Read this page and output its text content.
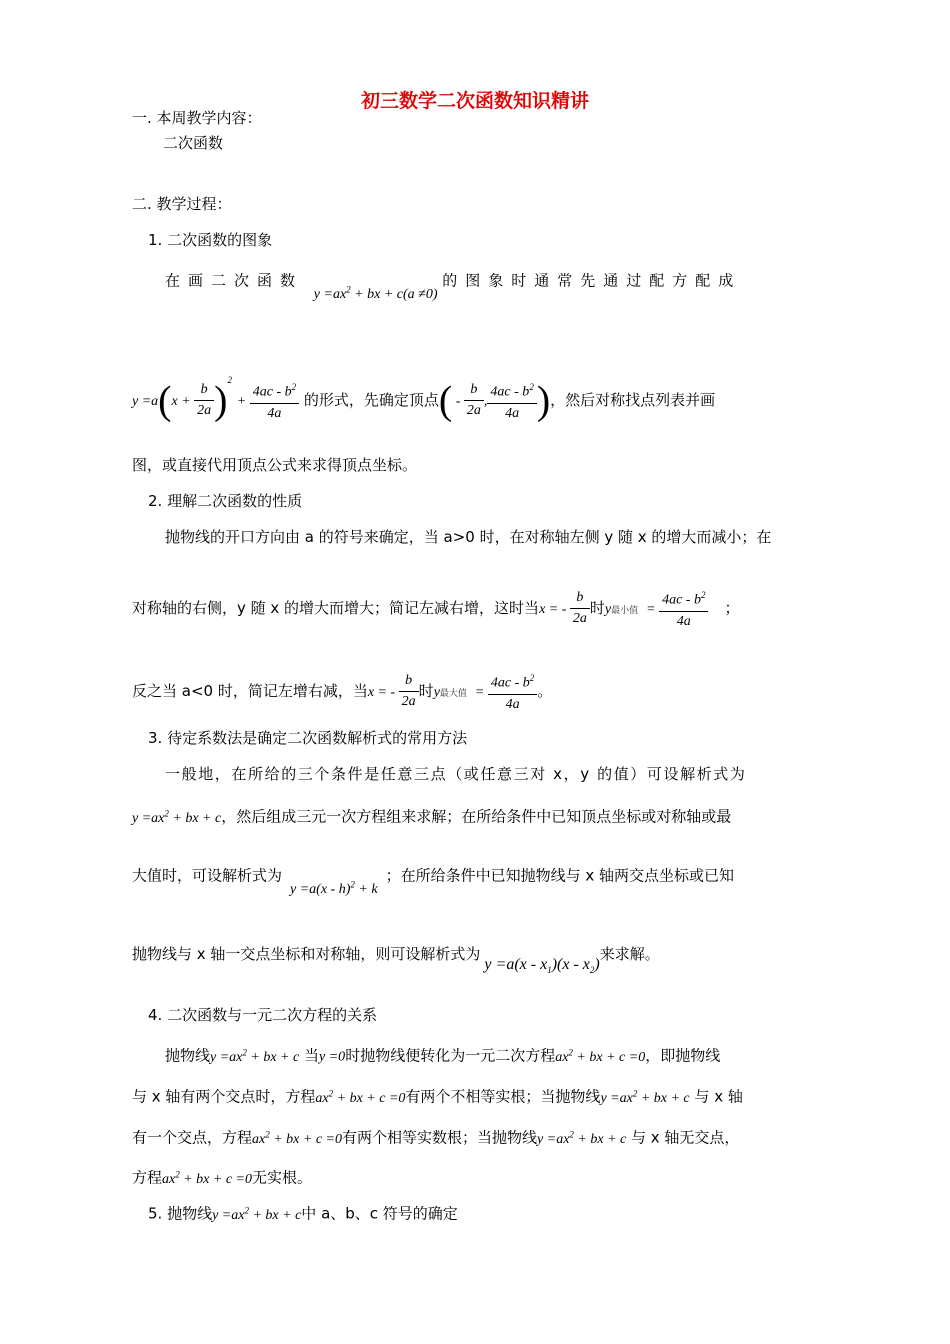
初三数学二次函数知识精讲
一. 本周教学内容：
二次函数
二. 教学过程：
1. 二次函数的图象
在画二次函数 $y =ax^2$ + bx + c(a ≠0) 的图象时通常先通过配方配成
$y =a(x + \frac{b}{2a} )^2 + \frac{4ac - b^2}{4a}$ 的形式，先确定顶点( - $\frac{b}{2a}$ , $\frac{4ac - b^2}{4a}$ )，然后对称找点列表并画
图，或直接代用顶点公式来求得顶点坐标。
2. 理解二次函数的性质
抛物线的开口方向由 a 的符号来确定，当 a>0 时，在对称轴左侧 y 随 x 的增大而减小；在
对称轴的右侧，y 随 x 的增大而增大；简记左减右增，这时当x = - $\frac{b}{2a}$ 时y最小值 = $\frac{4ac - b^2}{4a}$ ；
反之当 a<0 时，简记左增右减，当x = - $\frac{b}{2a}$ 时y最大值 = $\frac{4ac - b^2}{4a}$ 。
3. 待定系数法是确定二次函数解析式的常用方法
一般地，在所给的三个条件是任意三点（或任意三对 x，y 的值）可设解析式为
$y =ax^2$ + bx + c，然后组成三元一次方程组来求解；在所给条件中已知顶点坐标或对称轴或最
大值时，可设解析式为y =a(x - h)$^2$ + k；在所给条件中已知抛物线与 x 轴两交点坐标或已知
抛物线与 x 轴一交点坐标和对称轴，则可设解析式为$y =a(x - x_1)(x - x_2)$来求解。
4. 二次函数与一元二次方程的关系
抛物线$y =ax^2$ + bx + c 当y =0时抛物线便转化为一元二次方程$ax^2$ + bx + c =0，即抛物线
与 x 轴有两个交点时，方程$ax^2$ + bx + c =0有两个不相等实根；当抛物线$y =ax^2$ + bx + c 与 x 轴
有一个交点，方程$ax^2$ + bx + c =0有两个相等实数根；当抛物线$y =ax^2$ + bx + c 与 x 轴无交点，
方程$ax^2$ + bx + c =0无实根。
5. 抛物线$y =ax^2$ + bx + c中 a、b、c 符号的确定
